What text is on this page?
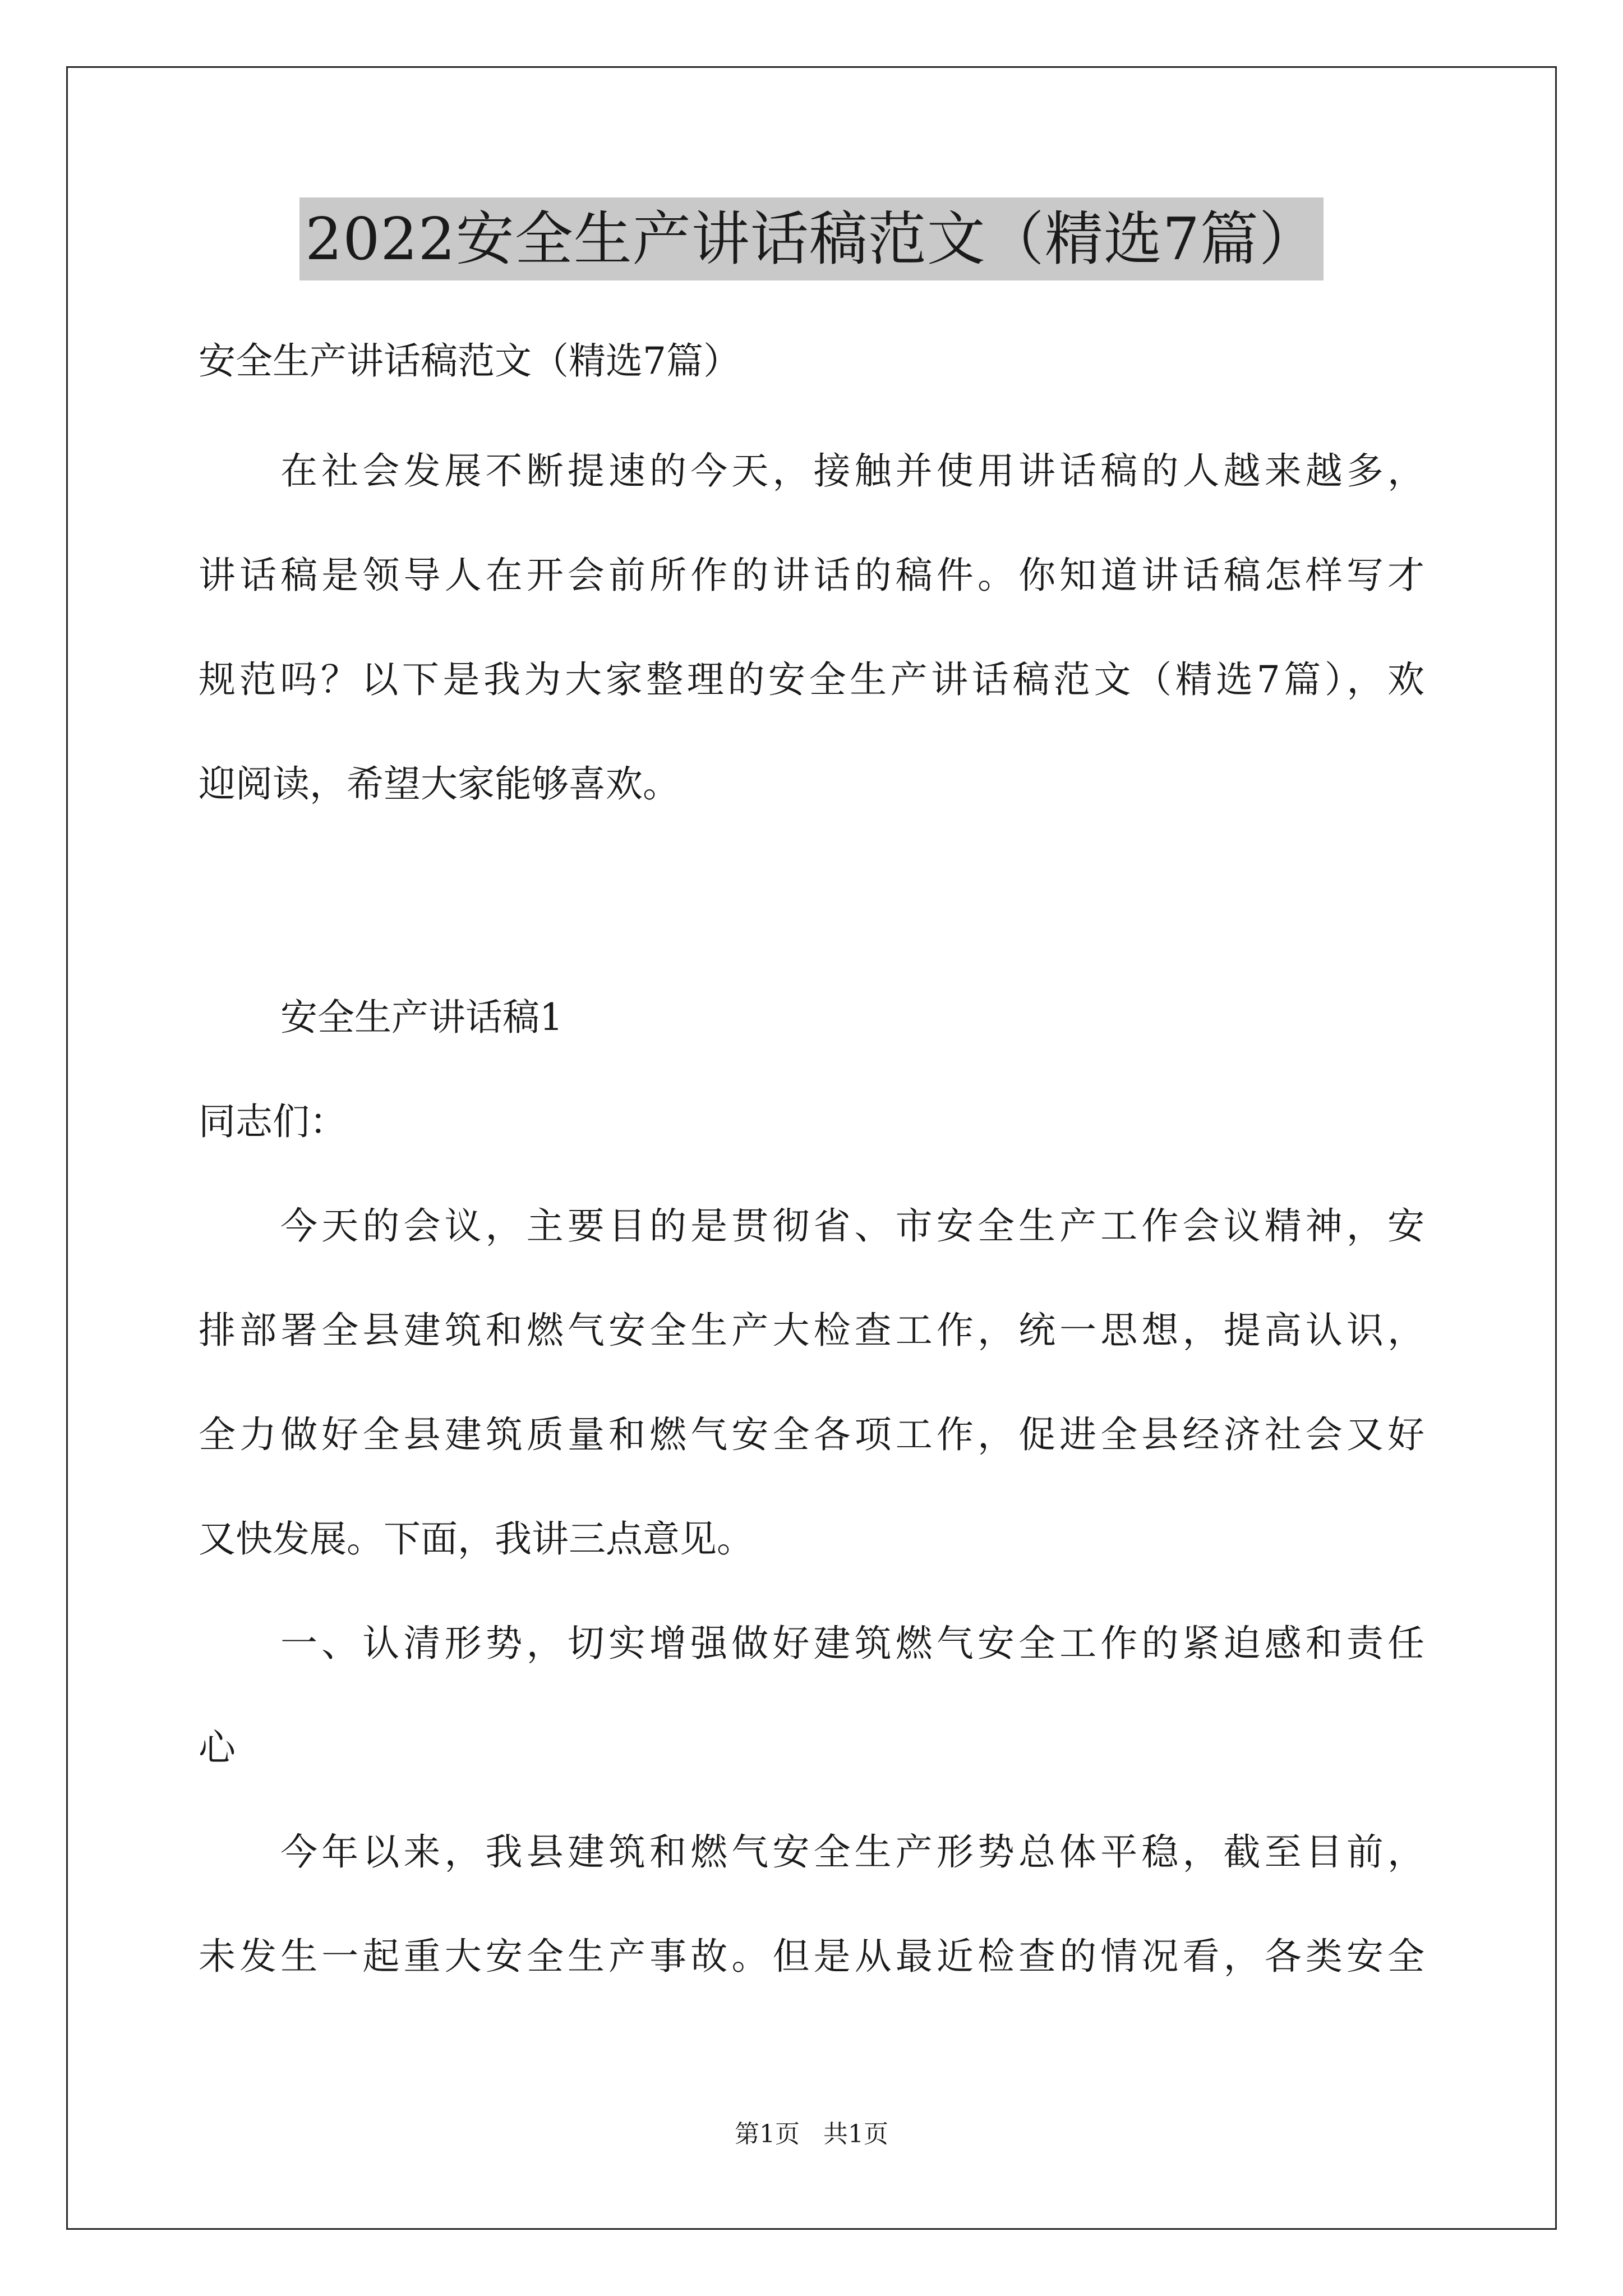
2022安全生产讲话稿范文（精选7篇）
安全生产讲话稿范文（精选7篇）
在社会发展不断提速的今天，接触并使用讲话稿的人越来越多，
讲话稿是领导人在开会前所作的讲话的稿件。你知道讲话稿怎样写才
规范吗？以下是我为大家整理的安全生产讲话稿范文（精选7篇），欢
迎阅读，希望大家能够喜欢。
安全生产讲话稿1
同志们：
今天的会议，主要目的是贯彻省、市安全生产工作会议精神，安
排部署全县建筑和燃气安全生产大检查工作，统一思想，提高认识，
全力做好全县建筑质量和燃气安全各项工作，促进全县经济社会又好
又快发展。下面，我讲三点意见。
一、认清形势，切实增强做好建筑燃气安全工作的紧迫感和责任
心
今年以来，我县建筑和燃气安全生产形势总体平稳，截至目前，
未发生一起重大安全生产事故。但是从最近检查的情况看，各类安全
第1页   共1页
